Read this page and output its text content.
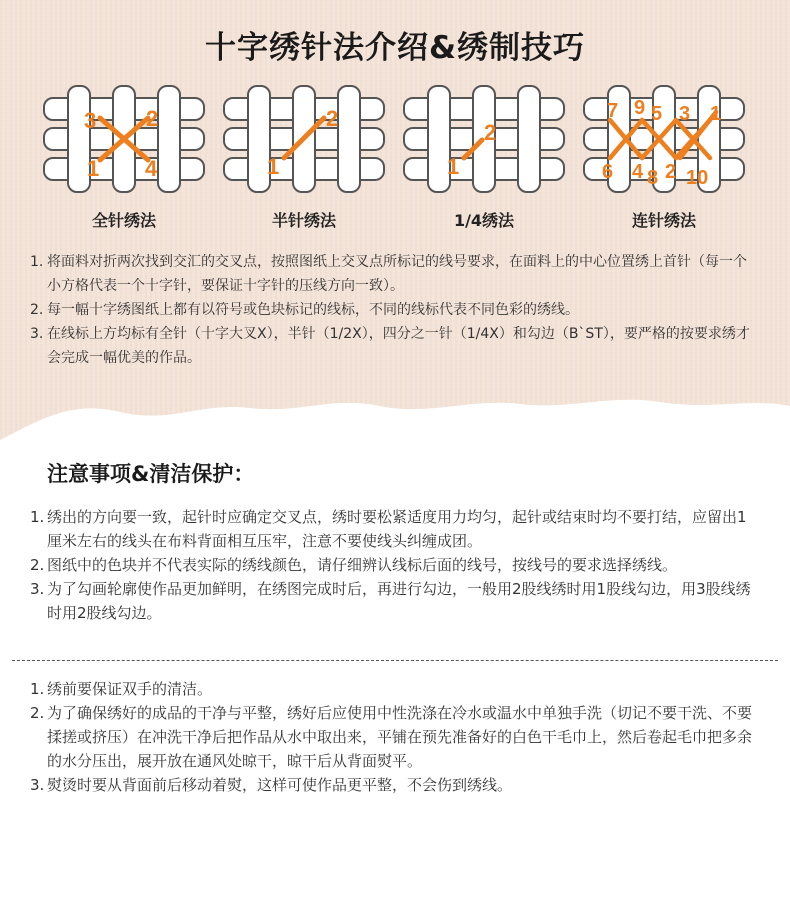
十字绣针法介绍&绣制技巧
3 2
1 4
全针绣法
2
1
半针绣法
2
1
1/4绣法
7 9 5 3 1
6 4 8 2 10
连针绣法
1. 将面料对折两次找到交汇的交叉点，按照图纸上交叉点所标记的线号要求，在面料上的中心位置绣上首针（每一个小方格代表一个十字针，要保证十字针的压线方向一致）。
2. 每一幅十字绣图纸上都有以符号或色块标记的线标，不同的线标代表不同色彩的绣线。
3. 在线标上方均标有全针（十字大叉X），半针（1/2X），四分之一针（1/4X）和勾边（B`ST），要严格的按要求绣才会完成一幅优美的作品。
注意事项&清洁保护：
1. 绣出的方向要一致，起针时应确定交叉点，绣时要松紧适度用力均匀，起针或结束时均不要打结，应留出1厘米左右的线头在布料背面相互压牢，注意不要使线头纠缠成团。
2. 图纸中的色块并不代表实际的绣线颜色，请仔细辨认线标后面的线号，按线号的要求选择绣线。
3. 为了勾画轮廓使作品更加鲜明，在绣图完成时后，再进行勾边，一般用2股线绣时用1股线勾边，用3股线绣时用2股线勾边。
1. 绣前要保证双手的清洁。
2. 为了确保绣好的成品的干净与平整，绣好后应使用中性洗涤在冷水或温水中单独手洗（切记不要干洗、不要揉搓或挤压）在冲洗干净后把作品从水中取出来，平铺在预先准备好的白色干毛巾上，然后卷起毛巾把多余的水分压出，展开放在通风处晾干，晾干后从背面熨平。
3. 熨烫时要从背面前后移动着熨，这样可使作品更平整，不会伤到绣线。
